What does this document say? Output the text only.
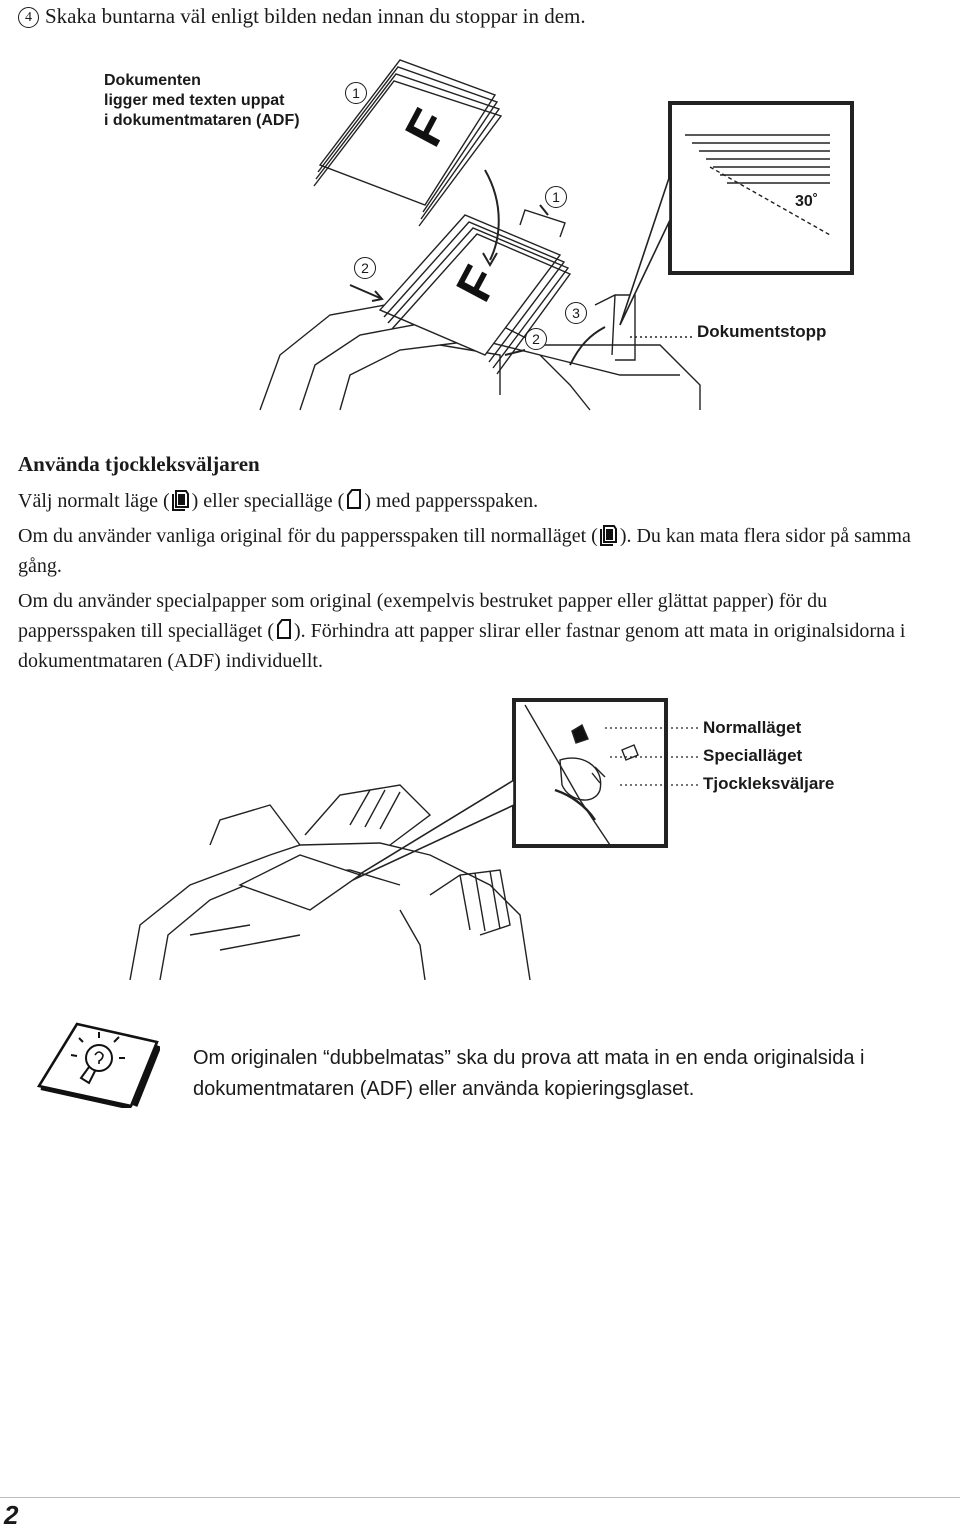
4 Skaka buntarna väl enligt bilden nedan innan du stoppar in dem.
F
F
Dokumenten
ligger med texten uppat
i dokumentmataren (ADF)
1
1
2
2
3
30˚
Dokumentstopp
Använda tjockleksväljaren
Välj normalt läge ( ) eller specialläge ( ) med pappersspaken.
Om du använder vanliga original för du pappersspaken till normalläget ( ). Du kan mata flera sidor på samma gång.
Om du använder specialpapper som original (exempelvis bestruket papper eller glättat papper) för du pappersspaken till specialläget ( ). Förhindra att papper slirar eller fastnar genom att mata in originalsidorna i dokumentmataren (ADF) individuellt.
Normalläget
Specialläget
Tjockleksväljare
Om originalen “dubbelmatas” ska du prova att mata in en enda originalsida i dokumentmataren (ADF) eller använda kopieringsglaset.
2
